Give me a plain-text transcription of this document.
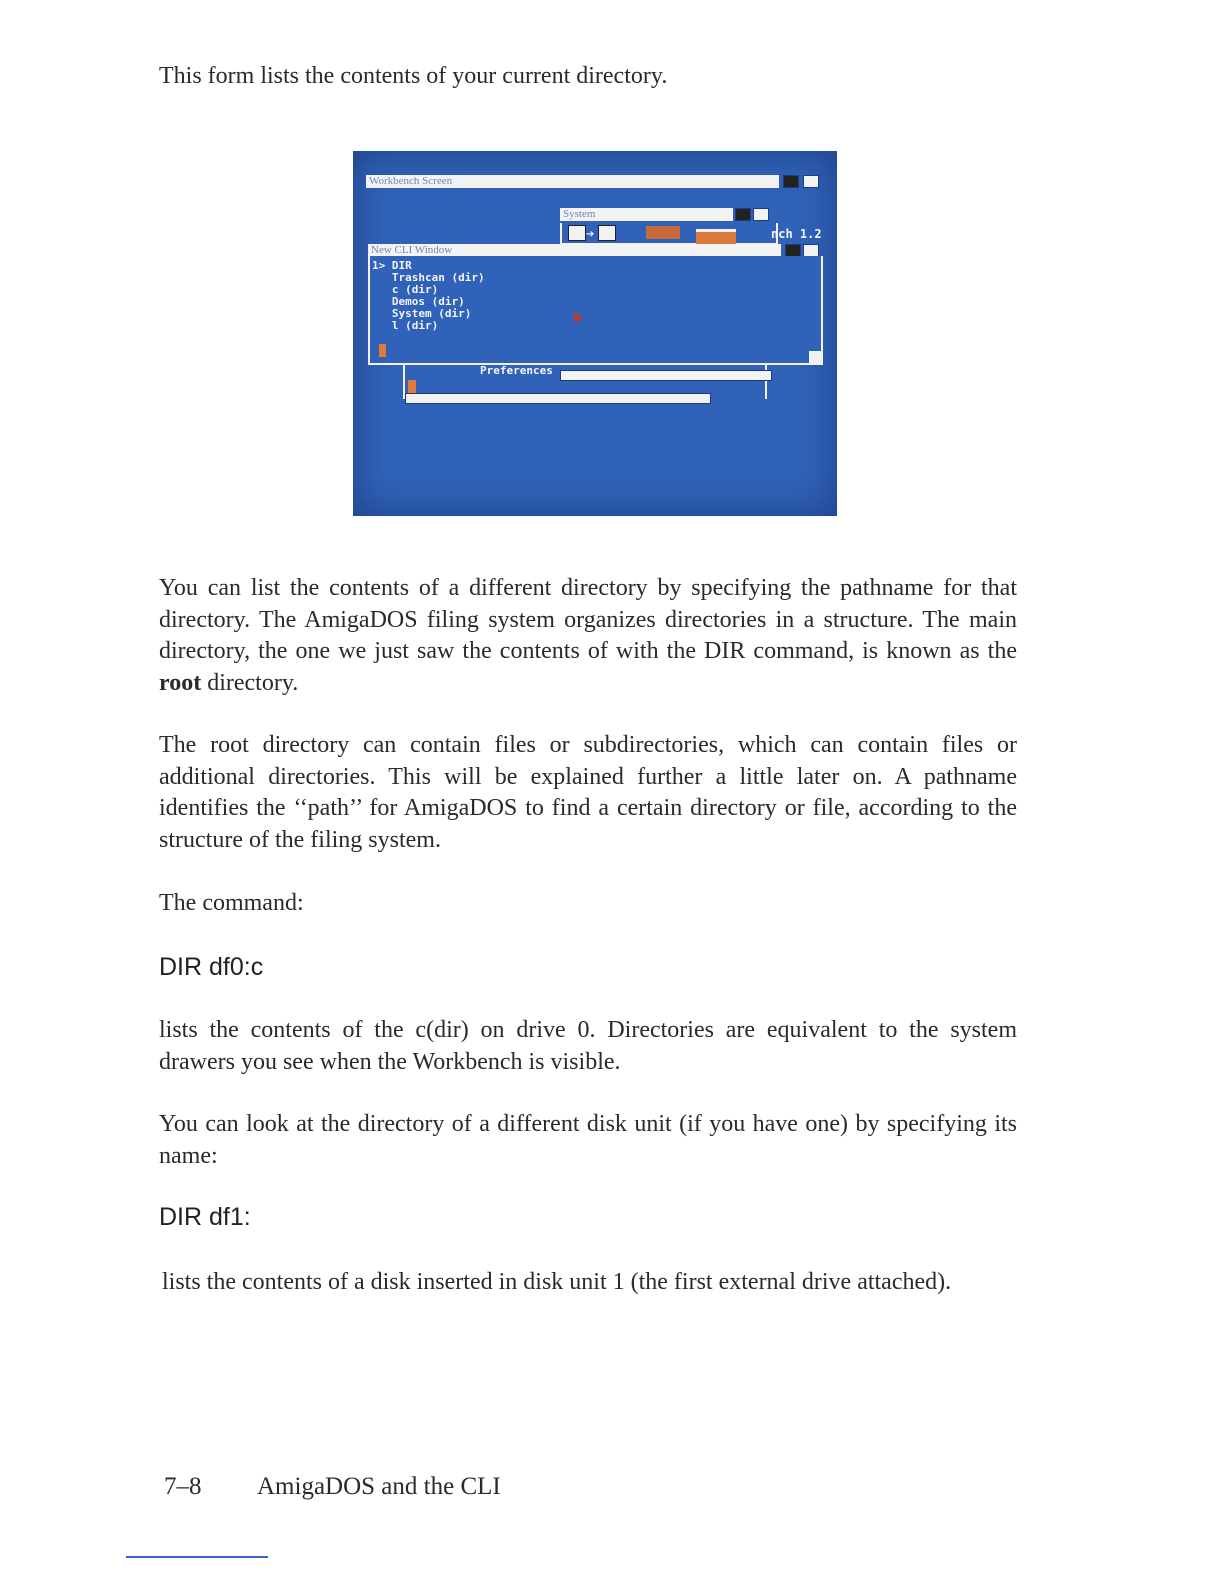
This form lists the contents of your current directory.

Workbench Screen
System
➔	nch 1.2
New CLI Window
1> DIR
Trashcan (dir)
c (dir)
Demos (dir)
System (dir)
l (dir)
Preferences

You can list the contents of a different directory by specifying the pathname for that directory. The AmigaDOS filing system organizes directories in a structure. The main directory, the one we just saw the contents of with the DIR command, is known as the root directory.

The root directory can contain files or subdirectories, which can contain files or additional directories. This will be explained further a little later on. A pathname identifies the ‘‘path’’ for AmigaDOS to find a certain directory or file, according to the structure of the filing system.

The command:

DIR df0:c

lists the contents of the c(dir) on drive 0. Directories are equivalent to the system drawers you see when the Workbench is visible.

You can look at the directory of a different disk unit (if you have one) by specifying its name:

DIR df1:

lists the contents of a disk inserted in disk unit 1 (the first external drive attached).

7–8 AmigaDOS and the CLI
